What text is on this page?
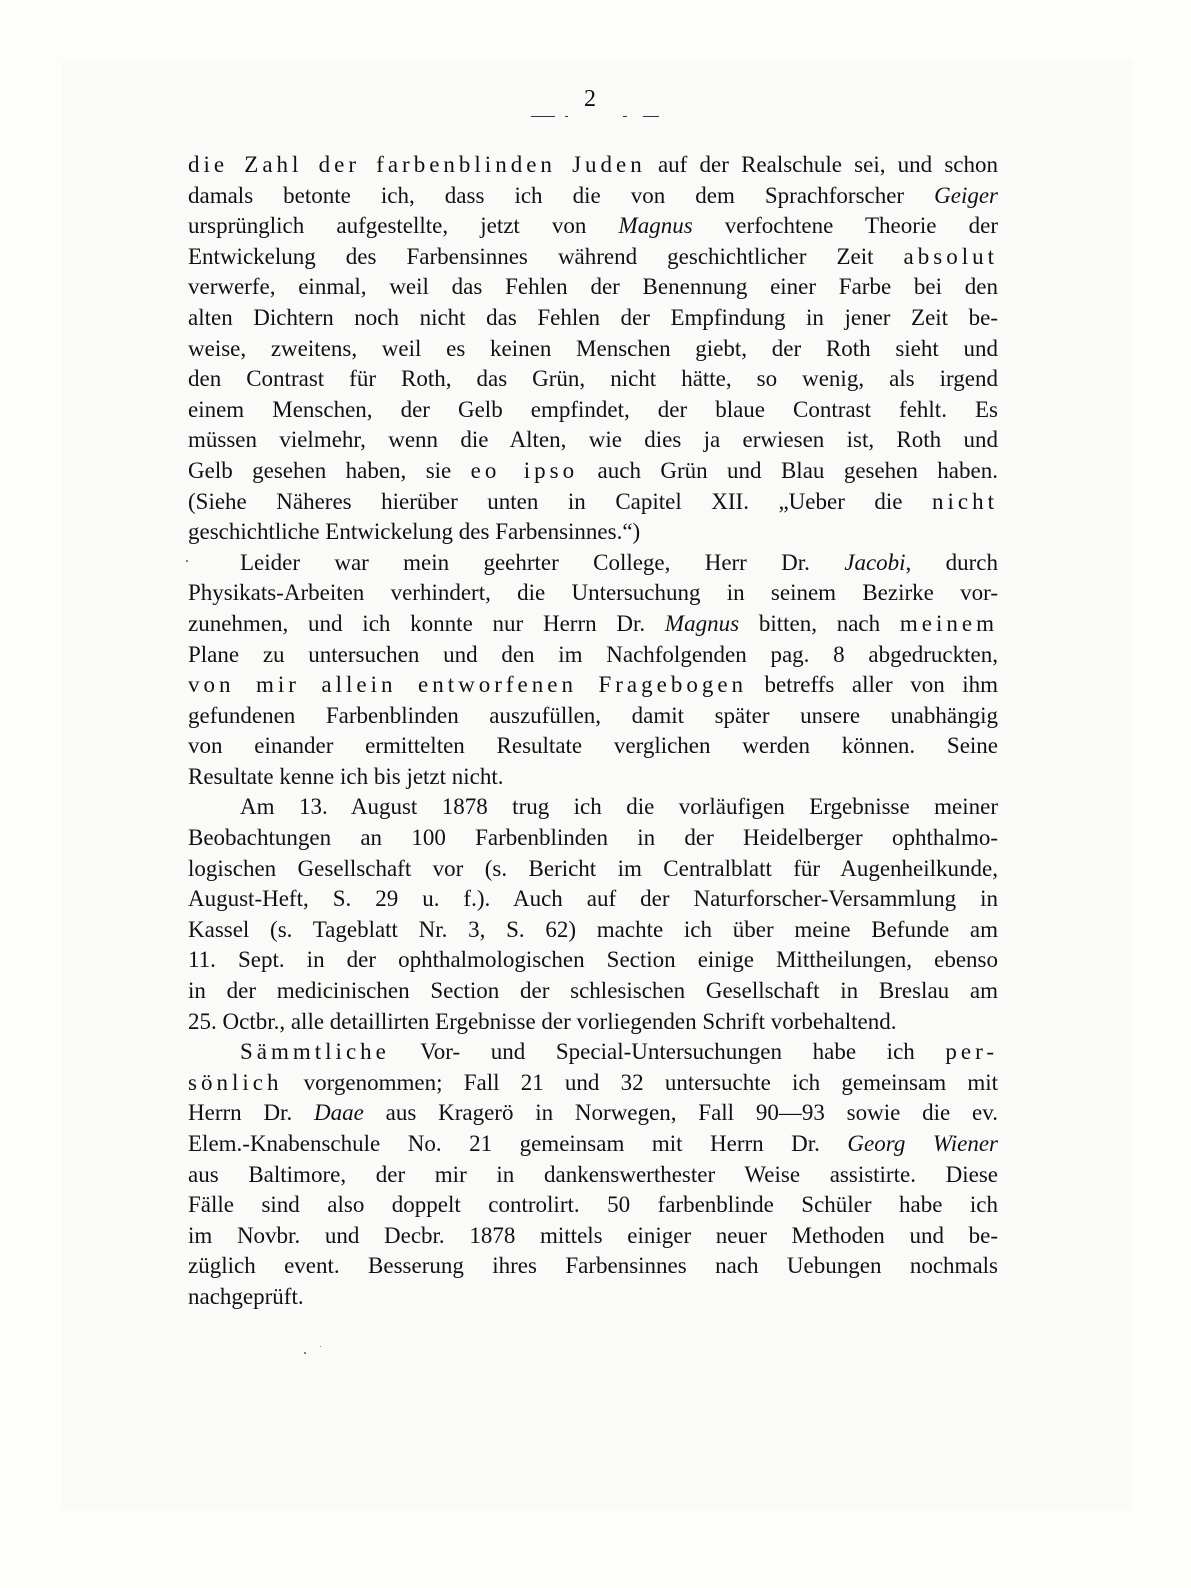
2
die Zahl der farbenblinden Juden auf der Realschule sei, und schon
damals betonte ich, dass ich die von dem Sprachforscher Geiger
ursprünglich aufgestellte, jetzt von Magnus verfochtene Theorie der
Entwickelung des Farbensinnes während geschichtlicher Zeit absolut
verwerfe, einmal, weil das Fehlen der Benennung einer Farbe bei den
alten Dichtern noch nicht das Fehlen der Empfindung in jener Zeit be-
weise, zweitens, weil es keinen Menschen giebt, der Roth sieht und
den Contrast für Roth, das Grün, nicht hätte, so wenig, als irgend
einem Menschen, der Gelb empfindet, der blaue Contrast fehlt. Es
müssen vielmehr, wenn die Alten, wie dies ja erwiesen ist, Roth und
Gelb gesehen haben, sie eo ipso auch Grün und Blau gesehen haben.
(Siehe Näheres hierüber unten in Capitel XII. „Ueber die nicht
geschichtliche Entwickelung des Farbensinnes.“)
Leider war mein geehrter College, Herr Dr. Jacobi, durch
Physikats-Arbeiten verhindert, die Untersuchung in seinem Bezirke vor-
zunehmen, und ich konnte nur Herrn Dr. Magnus bitten, nach meinem
Plane zu untersuchen und den im Nachfolgenden pag. 8 abgedruckten,
von mir allein entworfenen Fragebogen betreffs aller von ihm
gefundenen Farbenblinden auszufüllen, damit später unsere unabhängig
von einander ermittelten Resultate verglichen werden können. Seine
Resultate kenne ich bis jetzt nicht.
Am 13. August 1878 trug ich die vorläufigen Ergebnisse meiner
Beobachtungen an 100 Farbenblinden in der Heidelberger ophthalmo-
logischen Gesellschaft vor (s. Bericht im Centralblatt für Augenheilkunde,
August-Heft, S. 29 u. f.). Auch auf der Naturforscher-Versammlung in
Kassel (s. Tageblatt Nr. 3, S. 62) machte ich über meine Befunde am
11. Sept. in der ophthalmologischen Section einige Mittheilungen, ebenso
in der medicinischen Section der schlesischen Gesellschaft in Breslau am
25. Octbr., alle detaillirten Ergebnisse der vorliegenden Schrift vorbehaltend.
Sämmtliche Vor- und Special-Untersuchungen habe ich per-
sönlich vorgenommen; Fall 21 und 32 untersuchte ich gemeinsam mit
Herrn Dr. Daae aus Kragerö in Norwegen, Fall 90—93 sowie die ev.
Elem.-Knabenschule No. 21 gemeinsam mit Herrn Dr. Georg Wiener
aus Baltimore, der mir in dankenswerthester Weise assistirte. Diese
Fälle sind also doppelt controlirt. 50 farbenblinde Schüler habe ich
im Novbr. und Decbr. 1878 mittels einiger neuer Methoden und be-
züglich event. Besserung ihres Farbensinnes nach Uebungen nochmals
nachgeprüft.
